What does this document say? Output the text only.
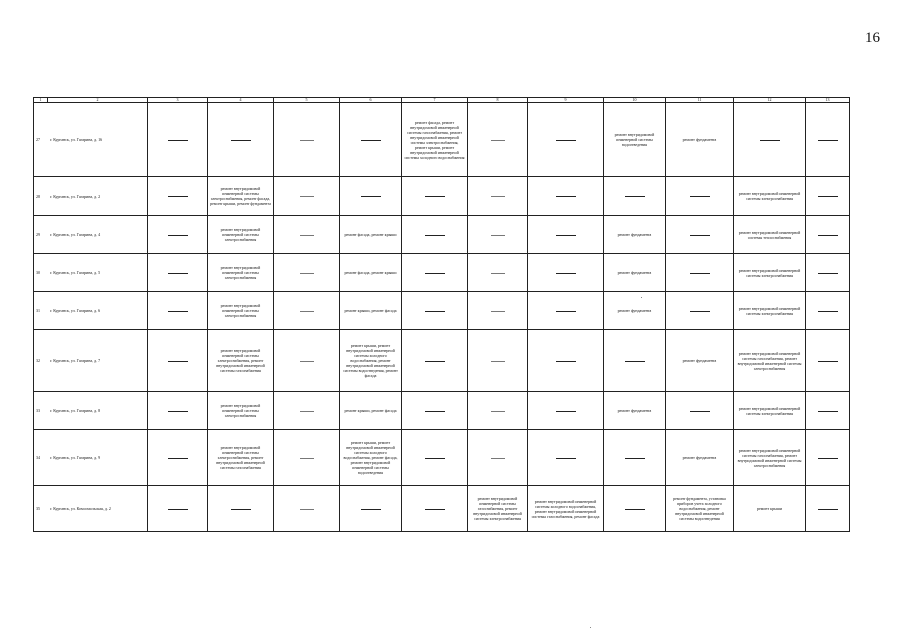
16
1	2	3	4	5	6	7	8	9	10	11	12	13
27 г. Курганск, ул. Гагарина, д. 16						ремонт фасада, ремонт внутридомовой инженерной системы газоснабжения, ремонт внутридомовой инженерной системы электроснабжения, ремонт крыши, ремонт внутридомовой инженерной системы холодного водоснабжения			ремонт внутридомовой инженерной системы водоотведения	ремонт фундамента		
28 г. Курганск, ул. Гагарина, д. 2			ремонт внутридомовой инженерной системы электроснабжения, ремонт фасада, ремонт крыши, ремонт фундамента								ремонт внутридомовой инженерной системы электроснабжения	
29 г. Курганск, ул. Гагарина, д. 4			ремонт внутридомовой инженерной системы электроснабжения		ремонт фасада, ремонт крыши				ремонт фундамента		ремонт внутридомовой инженерной системы теплоснабжения	
30 г. Курганск, ул. Гагарина, д. 5			ремонт внутридомовой инженерной системы электроснабжения		ремонт фасада, ремонт крыши				ремонт фундамента		ремонт внутридомовой инженерной системы электроснабжения	
31 г. Курганск, ул. Гагарина, д. 6			ремонт внутридомовой инженерной системы электроснабжения		ремонт крыши, ремонт фасада				ремонт фундамента		ремонт внутридомовой инженерной системы электроснабжения	
32 г. Курганск, ул. Гагарина, д. 7			ремонт внутридомовой инженерной системы электроснабжения, ремонт внутридомовой инженерной системы газоснабжения		ремонт крыши, ремонт внутридомовой инженерной системы холодного водоснабжения, ремонт внутридомовой инженерной системы водоотведения, ремонт фасада					ремонт фундамента	ремонт внутридомовой инженерной системы газоснабжения, ремонт внутридомовой инженерной системы электроснабжения	
33 г. Курганск, ул. Гагарина, д. 8			ремонт внутридомовой инженерной системы электроснабжения		ремонт крыши, ремонт фасада				ремонт фундамента		ремонт внутридомовой инженерной системы электроснабжения	
34 г. Курганск, ул. Гагарина, д. 9			ремонт внутридомовой инженерной системы электроснабжения, ремонт внутридомовой инженерной системы газоснабжения		ремонт крыши, ремонт внутридомовой инженерной системы холодного водоснабжения, ремонт фасада, ремонт внутридомовой инженерной системы водоотведения					ремонт фундамента	ремонт внутридомовой инженерной системы газоснабжения, ремонт внутридомовой инженерной системы электроснабжения	
35 г. Курганск, ул. Комсомольская, д. 2							ремонт внутридомовой инженерной системы газоснабжения, ремонт внутридомовой инженерной системы электроснабжения	ремонт внутридомовой инженерной системы холодного водоснабжения, ремонт внутридомовой инженерной системы газоснабжения, ремонт фасада		ремонт фундамента, установка приборов учета холодного водоснабжения, ремонт внутридомовой инженерной системы водоотведения	ремонт крыши	
